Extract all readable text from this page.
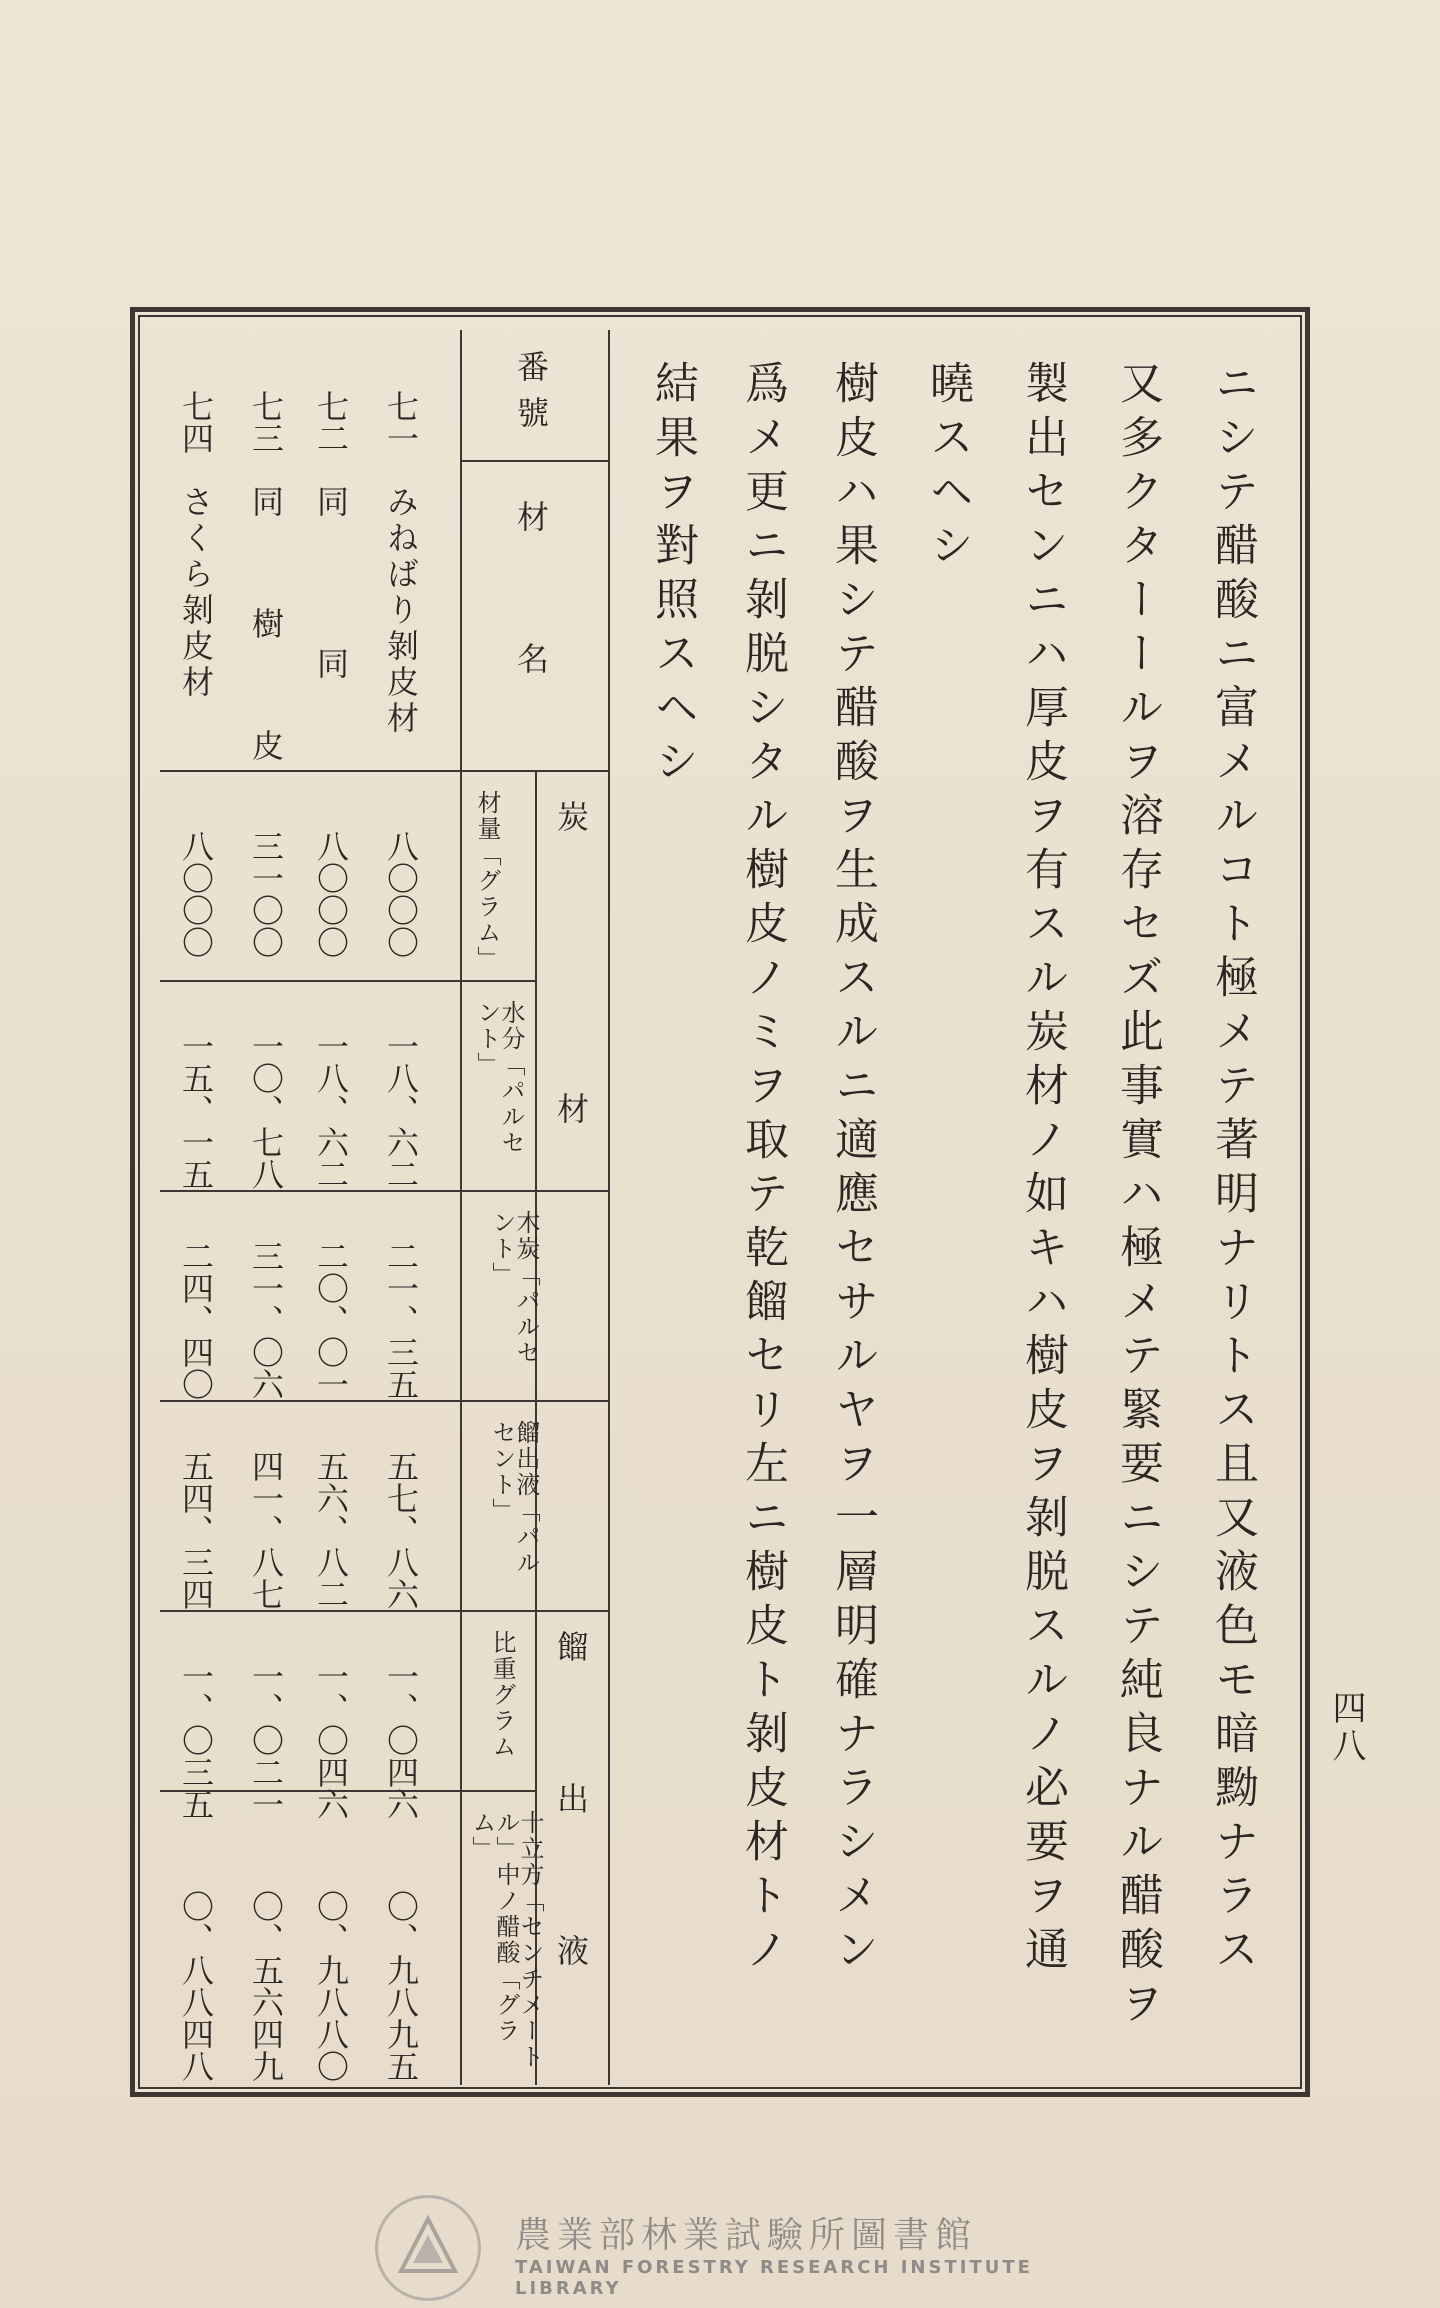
ニシテ醋酸ニ富メルコト極メテ著明ナリトス且又液色モ暗黝ナラス
又多クターールヲ溶存セズ此事實ハ極メテ緊要ニシテ純良ナル醋酸ヲ
製出センニハ厚皮ヲ有スル炭材ノ如キハ樹皮ヲ剝脱スルノ必要ヲ通
曉スヘシ
樹皮ハ果シテ醋酸ヲ生成スルニ適應セサルヤヲ一層明確ナラシメン
爲メ更ニ剝脱シタル樹皮ノミヲ取テ乾餾セリ左ニ樹皮ト剝皮材トノ
結果ヲ對照スヘシ
四八
番號
材名
炭材
材量「グラム」
水分「パルセント」
木炭「パルセント」
餾出液「パルセント」
餾出液
比重グラム
十立方「センチメートル」中ノ醋酸「グラム」
七一
みねばり剝皮材
八〇〇〇
一八、六二
二一、三五
五七、八六
一、〇四六
〇、九八九五
七二
同同
八〇〇〇
一八、六二
二〇、〇一
五六、八二
一、〇四六
〇、九八八〇
七三
同樹皮
三一〇〇
一〇、七八
三一、〇六
四一、八七
一、〇二一
〇、五六四九
七四
さくら剝皮材
八〇〇〇
一五、一五
二四、四〇
五四、三四
一、〇三五
〇、八八四八
農業部林業試驗所圖書館
TAIWAN FORESTRY RESEARCH INSTITUTE LIBRARY
